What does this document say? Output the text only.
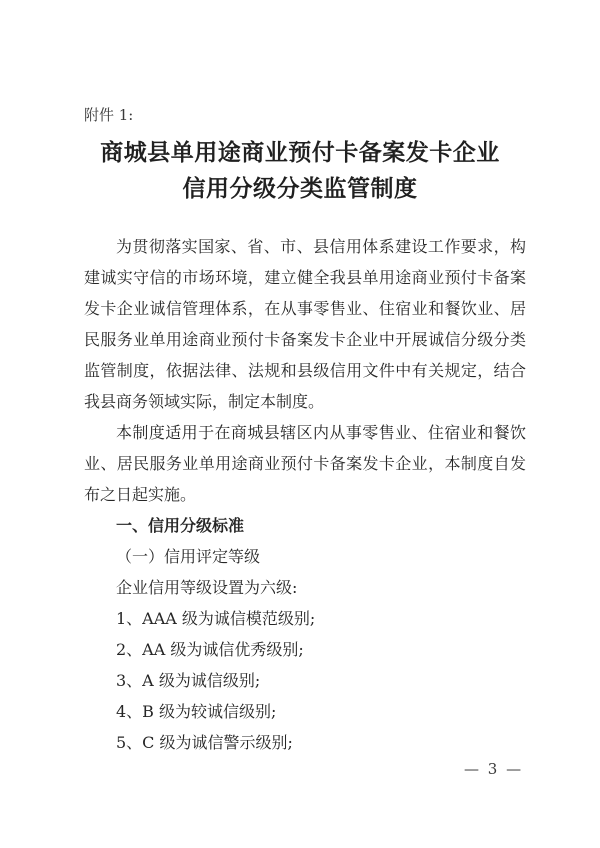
附件 1:
商城县单用途商业预付卡备案发卡企业
信用分级分类监管制度
为贯彻落实国家、省、市、县信用体系建设工作要求，构
建诚实守信的市场环境，建立健全我县单用途商业预付卡备案
发卡企业诚信管理体系，在从事零售业、住宿业和餐饮业、居
民服务业单用途商业预付卡备案发卡企业中开展诚信分级分类
监管制度，依据法律、法规和县级信用文件中有关规定，结合
我县商务领域实际，制定本制度。
本制度适用于在商城县辖区内从事零售业、住宿业和餐饮
业、居民服务业单用途商业预付卡备案发卡企业，本制度自发
布之日起实施。
一、信用分级标准
（一）信用评定等级
企业信用等级设置为六级:
1、AAA 级为诚信模范级别;
2、AA 级为诚信优秀级别;
3、A 级为诚信级别;
4、B 级为较诚信级别;
5、C 级为诚信警示级别;
— 3 —
